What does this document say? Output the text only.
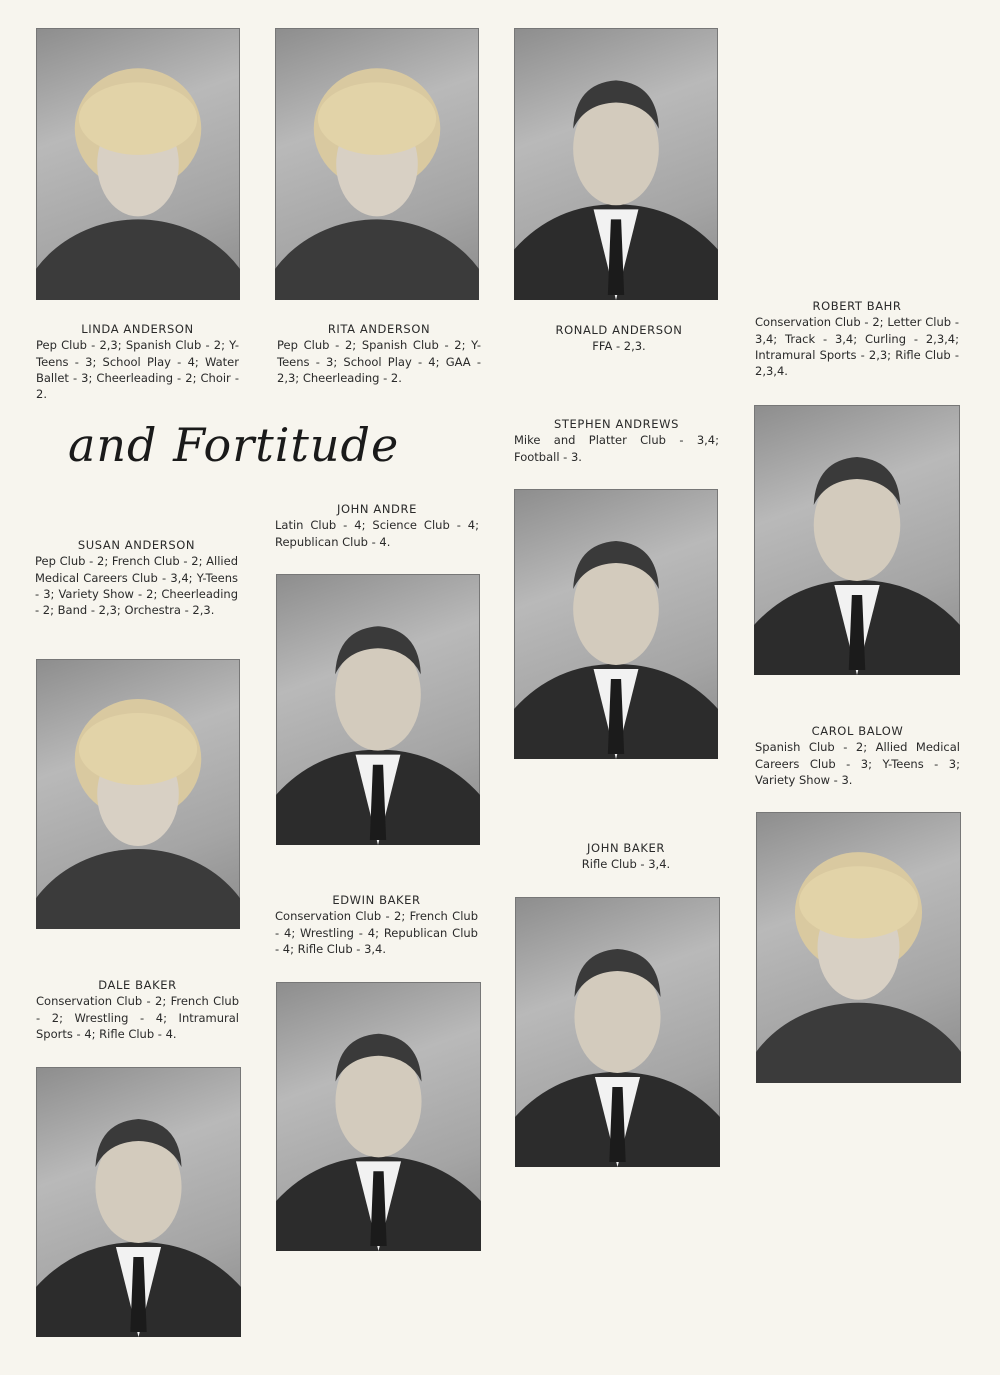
LINDA ANDERSON
Pep Club - 2,3; Spanish Club - 2; Y-Teens - 3; School Play - 4; Water Ballet - 3; Cheerleading - 2; Choir - 2.
RITA ANDERSON
Pep Club - 2; Spanish Club - 2; Y-Teens - 3; School Play - 4; GAA - 2,3; Cheerleading - 2.
RONALD ANDERSON
FFA - 2,3.
ROBERT BAHR
Conservation Club - 2; Letter Club - 3,4; Track - 3,4; Curling - 2,3,4; Intramural Sports - 2,3; Rifle Club - 2,3,4.
and Fortitude	STEPHEN ANDREWS
Mike and Platter Club - 3,4; Football - 3.
JOHN ANDRE
Latin Club - 4; Science Club - 4; Republican Club - 4.
SUSAN ANDERSON
Pep Club - 2; French Club - 2; Allied Medical Careers Club - 3,4; Y-Teens - 3; Variety Show - 2; Cheerleading - 2; Band - 2,3; Orchestra - 2,3.
CAROL BALOW
Spanish Club - 2; Allied Medical Careers Club - 3; Y-Teens - 3; Variety Show - 3.
JOHN BAKER
Rifle Club - 3,4.
EDWIN BAKER
Conservation Club - 2; French Club - 4; Wrestling - 4; Republican Club - 4; Rifle Club - 3,4.
DALE BAKER
Conservation Club - 2; French Club - 2; Wrestling - 4; Intramural Sports - 4; Rifle Club - 4.
